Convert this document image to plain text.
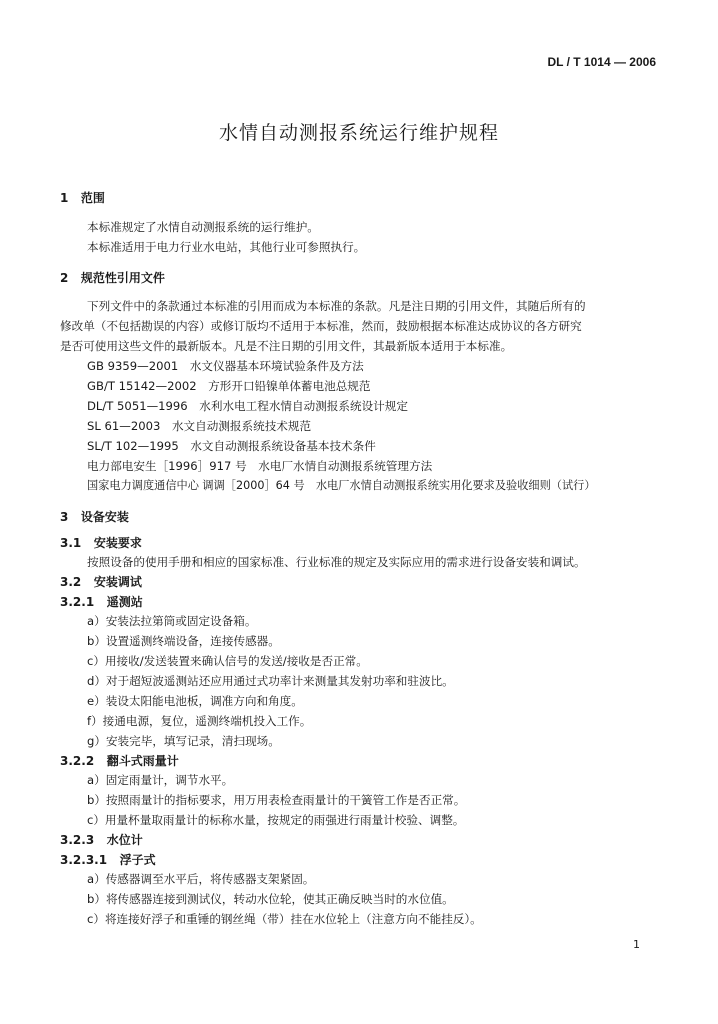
DL / T 1014 — 2006
水情自动测报系统运行维护规程
1 范围
本标准规定了水情自动测报系统的运行维护。
本标准适用于电力行业水电站，其他行业可参照执行。
2 规范性引用文件
下列文件中的条款通过本标准的引用而成为本标准的条款。凡是注日期的引用文件，其随后所有的
修改单（不包括勘误的内容）或修订版均不适用于本标准，然而，鼓励根据本标准达成协议的各方研究
是否可使用这些文件的最新版本。凡是不注日期的引用文件，其最新版本适用于本标准。
GB 9359—2001　水文仪器基本环境试验条件及方法
GB/T 15142—2002　方形开口铅镍单体蓄电池总规范
DL/T 5051—1996　水利水电工程水情自动测报系统设计规定
SL 61—2003　水文自动测报系统技术规范
SL/T 102—1995　水文自动测报系统设备基本技术条件
电力部电安生［1996］917 号　水电厂水情自动测报系统管理方法
国家电力调度通信中心 调调［2000］64 号　水电厂水情自动测报系统实用化要求及验收细则（试行）
3 设备安装
3.1 安装要求
按照设备的使用手册和相应的国家标准、行业标准的规定及实际应用的需求进行设备安装和调试。
3.2 安装调试
3.2.1 遥测站
a）安装法拉第筒或固定设备箱。
b）设置遥测终端设备，连接传感器。
c）用接收/发送装置来确认信号的发送/接收是否正常。
d）对于超短波遥测站还应用通过式功率计来测量其发射功率和驻波比。
e）装设太阳能电池板，调准方向和角度。
f）接通电源，复位，遥测终端机投入工作。
g）安装完毕，填写记录，清扫现场。
3.2.2 翻斗式雨量计
a）固定雨量计，调节水平。
b）按照雨量计的指标要求，用万用表检查雨量计的干簧管工作是否正常。
c）用量杯量取雨量计的标称水量，按规定的雨强进行雨量计校验、调整。
3.2.3 水位计
3.2.3.1 浮子式
a）传感器调至水平后，将传感器支架紧固。
b）将传感器连接到测试仪，转动水位轮，使其正确反映当时的水位值。
c）将连接好浮子和重锤的钢丝绳（带）挂在水位轮上（注意方向不能挂反）。
1
